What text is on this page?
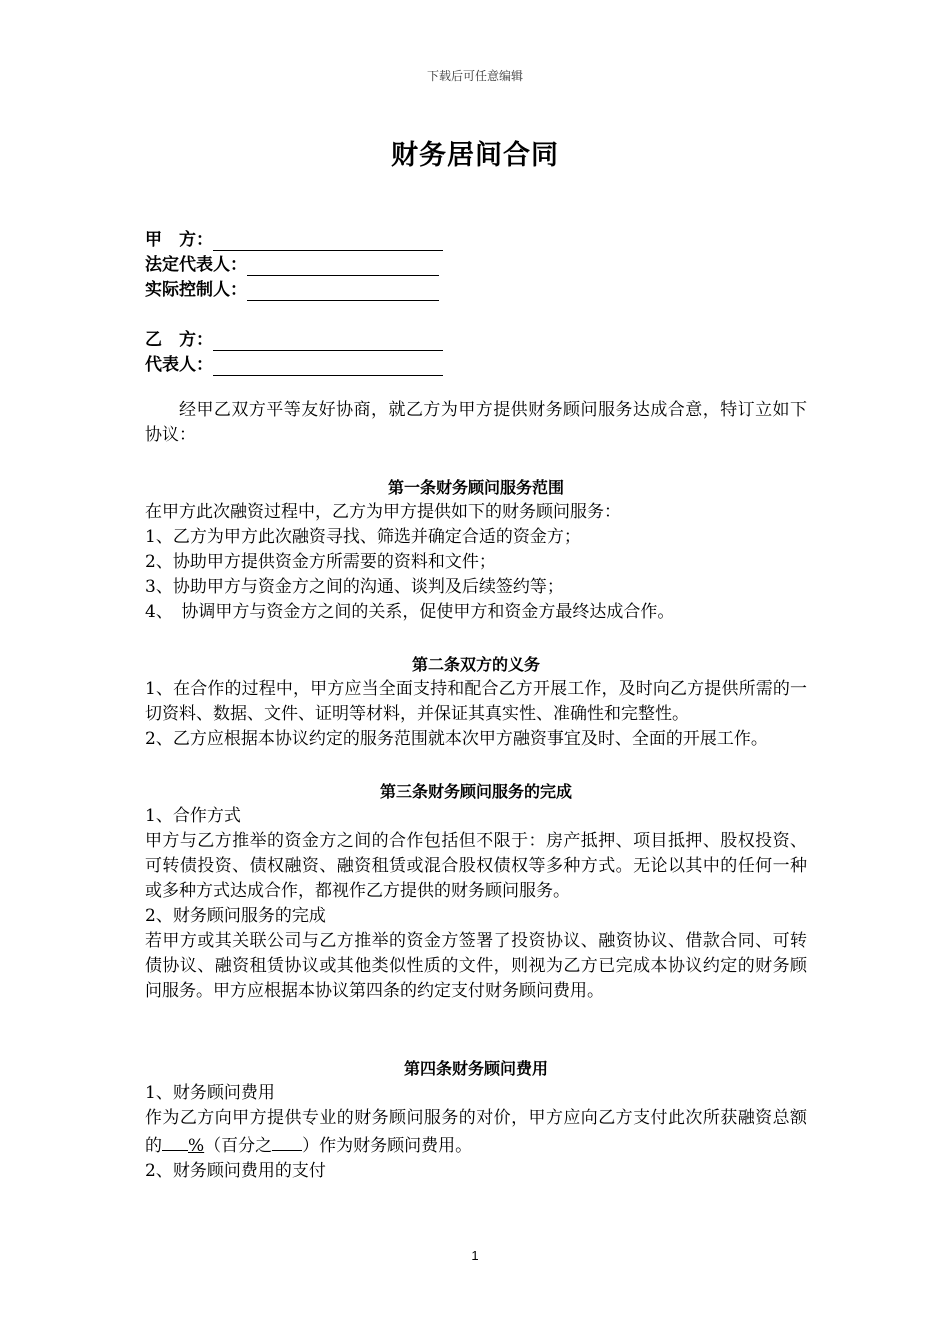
下载后可任意编辑
财务居间合同
甲　方：
法定代表人：
实际控制人：
乙　方：
代表人：

经甲乙双方平等友好协商，就乙方为甲方提供财务顾问服务达成合意，特订立如下协议：

第一条财务顾问服务范围

在甲方此次融资过程中，乙方为甲方提供如下的财务顾问服务：

1、乙方为甲方此次融资寻找、筛选并确定合适的资金方；

2、协助甲方提供资金方所需要的资料和文件；

3、协助甲方与资金方之间的沟通、谈判及后续签约等；

4、　协调甲方与资金方之间的关系，促使甲方和资金方最终达成合作。

第二条双方的义务

1、在合作的过程中，甲方应当全面支持和配合乙方开展工作，及时向乙方提供所需的一切资料、数据、文件、证明等材料，并保证其真实性、准确性和完整性。

2、乙方应根据本协议约定的服务范围就本次甲方融资事宜及时、全面的开展工作。

第三条财务顾问服务的完成

1、合作方式

甲方与乙方推举的资金方之间的合作包括但不限于：房产抵押、项目抵押、股权投资、可转债投资、债权融资、融资租赁或混合股权债权等多种方式。无论以其中的任何一种或多种方式达成合作，都视作乙方提供的财务顾问服务。

2、财务顾问服务的完成

若甲方或其关联公司与乙方推举的资金方签署了投资协议、融资协议、借款合同、可转债协议、融资租赁协议或其他类似性质的文件，则视为乙方已完成本协议约定的财务顾问服务。甲方应根据本协议第四条的约定支付财务顾问费用。

第四条财务顾问费用

1、财务顾问费用

作为乙方向甲方提供专业的财务顾问服务的对价，甲方应向乙方支付此次所获融资总额的 %（百分之 ）作为财务顾问费用。

2、财务顾问费用的支付

1
